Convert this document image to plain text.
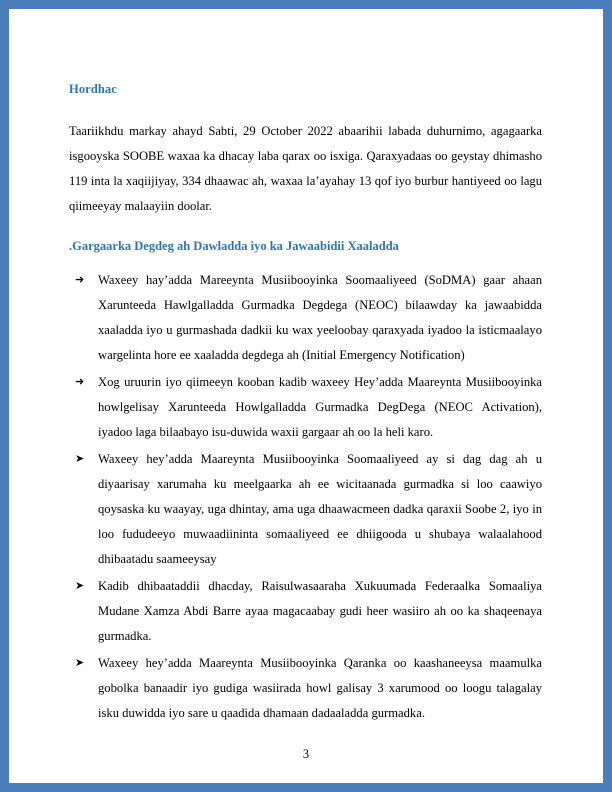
Hordhac

Taariikhdu markay ahayd Sabti, 29 October 2022 abaarihii labada duhurnimo, agagaarka isgooyska SOOBE waxaa ka dhacay laba qarax oo isxiga. Qaraxyadaas oo geystay dhimasho 119 inta la xaqiijiyay, 334 dhaawac ah, waxaa la’ayahay 13 qof iyo burbur hantiyeed oo lagu qiimeeyay malaayiin doolar.

.Gargaarka Degdeg ah Dawladda iyo ka Jawaabidii Xaaladda
➜ Waxeey hay’adda Mareeynta Musiibooyinka Soomaaliyeed (SoDMA) gaar ahaan Xarunteeda Hawlgalladda Gurmadka Degdega (NEOC) bilaawday ka jawaabidda xaaladda iyo u gurmashada dadkii ku wax yeeloobay qaraxyada iyadoo la isticmaalayo wargelinta hore ee xaaladda degdega ah (Initial Emergency Notification)
➜ Xog uruurin iyo qiimeeyn kooban kadib waxeey Hey’adda Maareynta Musiibooyinka howlgelisay Xarunteeda Howlgalladda Gurmadka DegDega (NEOC Activation), iyadoo laga bilaabayo isu-duwida waxii gargaar ah oo la heli karo.
➤ Waxeey hey’adda Maareynta Musiibooyinka Soomaaliyeed ay si dag dag ah u diyaarisay xarumaha ku meelgaarka ah ee wicitaanada gurmadka si loo caawiyo qoysaska ku waayay, uga dhintay, ama uga dhaawacmeen dadka qaraxii Soobe 2, iyo in loo fududeeyo muwaadiininta somaaliyeed ee dhiigooda u shubaya walaalahood dhibaatadu saameeysay
➤ Kadib dhibaataddii dhacday, Raisulwasaaraha Xukuumada Federaalka Somaaliya Mudane Xamza Abdi Barre ayaa magacaabay gudi heer wasiiro ah oo ka shaqeenaya gurmadka.
➤ Waxeey hey’adda Maareynta Musiibooyinka Qaranka oo kaashaneeysa maamulka gobolka banaadir iyo gudiga wasiirada howl galisay 3 xarumood oo loogu talagalay isku duwidda iyo sare u qaadida dhamaan dadaaladda gurmadka.
3
